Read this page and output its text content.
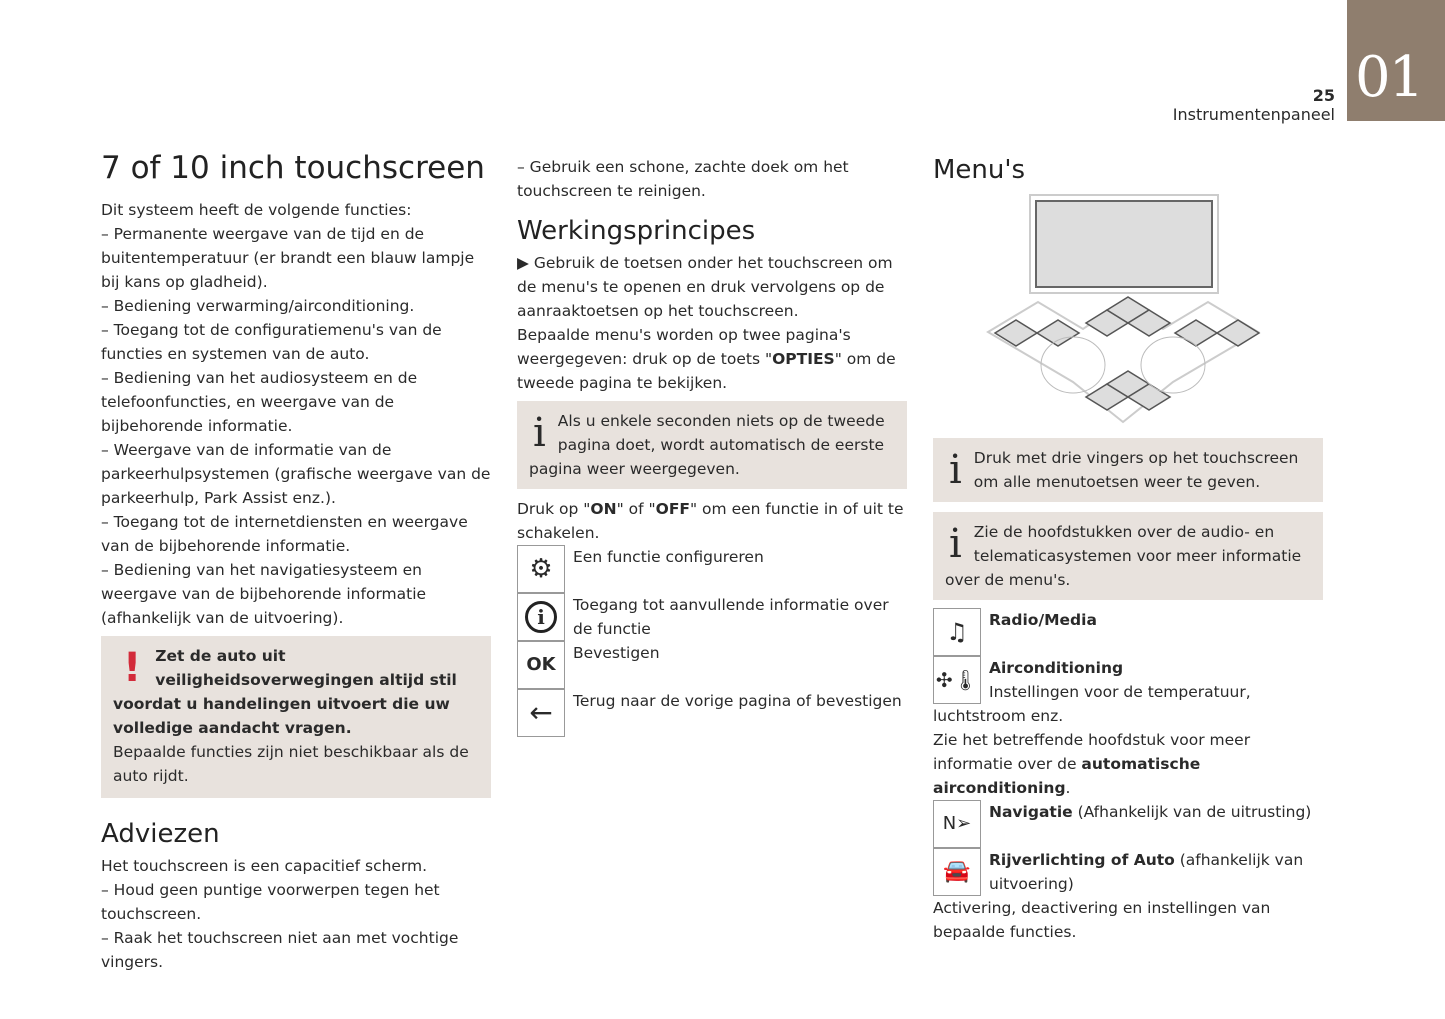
01
25
Instrumentenpaneel
7 of 10 inch touchscreen

Dit systeem heeft de volgende functies:

– Permanente weergave van de tijd en de buitentemperatuur (er brandt een blauw lampje bij kans op gladheid).

– Bediening verwarming/airconditioning.

– Toegang tot de configuratiemenu's van de functies en systemen van de auto.

– Bediening van het audiosysteem en de telefoonfuncties, en weergave van de bijbehorende informatie.

– Weergave van de informatie van de parkeerhulpsystemen (grafische weergave van de parkeerhulp, Park Assist enz.).

– Toegang tot de internetdiensten en weergave van de bijbehorende informatie.

– Bediening van het navigatiesysteem en weergave van de bijbehorende informatie (afhankelijk van de uitvoering).

! Zet de auto uit veiligheidsoverwegingen altijd stil voordat u handelingen uitvoert die uw volledige aandacht vragen.

Bepaalde functies zijn niet beschikbaar als de auto rijdt.

Adviezen

Het touchscreen is een capacitief scherm.

– Houd geen puntige voorwerpen tegen het touchscreen.

– Raak het touchscreen niet aan met vochtige vingers.

– Gebruik een schone, zachte doek om het touchscreen te reinigen.

Werkingsprincipes

▶ Gebruik de toetsen onder het touchscreen om de menu's te openen en druk vervolgens op de aanraaktoetsen op het touchscreen.

Bepaalde menu's worden op twee pagina's weergegeven: druk op de toets "OPTIES" om de tweede pagina te bekijken.

i Als u enkele seconden niets op de tweede pagina doet, wordt automatisch de eerste pagina weer weergegeven.

Druk op "ON" of "OFF" om een functie in of uit te schakelen.

⚙ Een functie configureren
i	Toegang tot aanvullende informatie over de functie
OK
Bevestigen
← Terug naar de vorige pagina of bevestigen
Menu's
i Druk met drie vingers op het touchscreen om alle menutoetsen weer te geven.
i Zie de hoofdstukken over de audio- en telematicasystemen voor meer informatie over de menu's.
♫ Radio/Media
✣🌡 Airconditioning
Instellingen voor de temperatuur, luchtstroom enz.

Zie het betreffende hoofdstuk voor meer informatie over de automatische airconditioning.

N➢
Navigatie (Afhankelijk van de uitrusting)
🚘 Rijverlichting of Auto (afhankelijk van uitvoering)

Activering, deactivering en instellingen van bepaalde functies.
